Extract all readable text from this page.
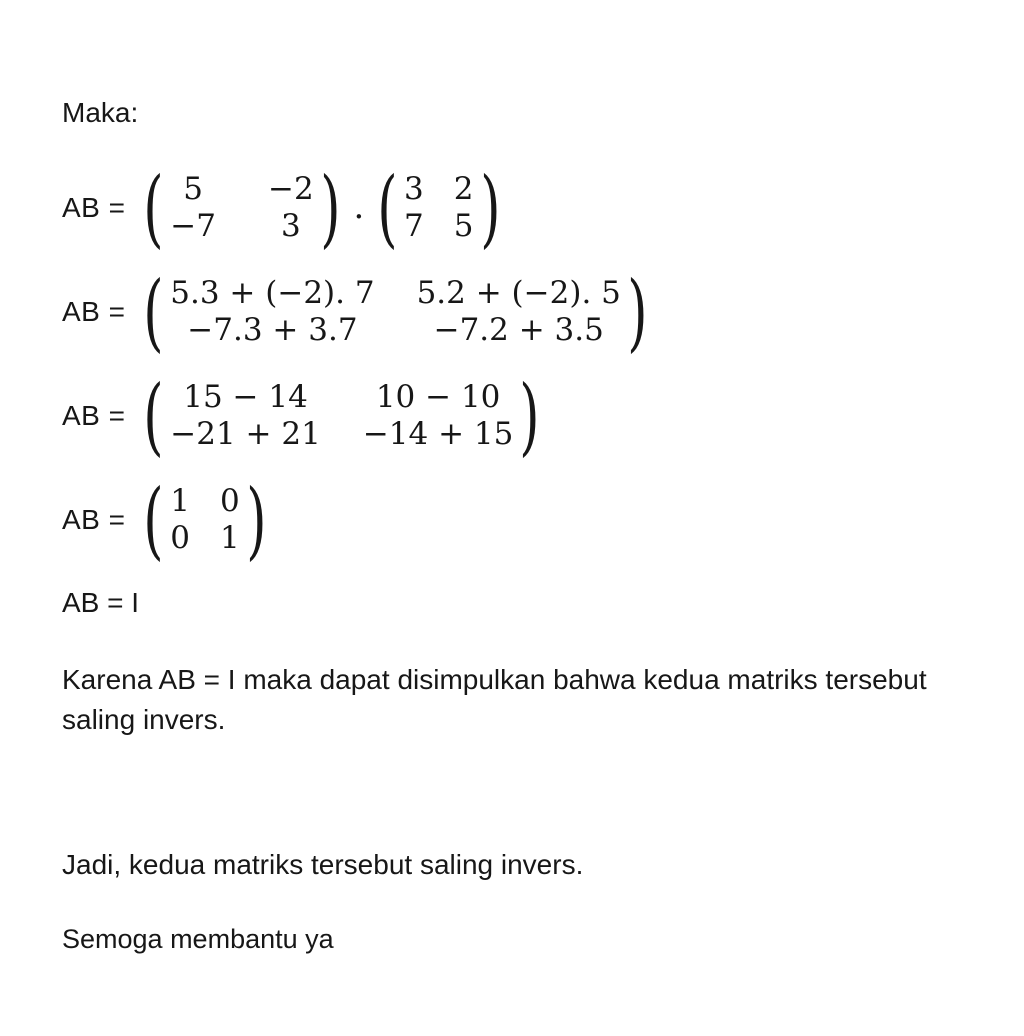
Maka:
AB = ( 5 −2
−7 3 ) · ( 3 2
7 5 )
AB = ( 5.3 + (−2). 7 5.2 + (−2). 5
−7.3 + 3.7 −7.2 + 3.5 )
AB = ( 15 − 14 10 − 10
−21 + 21 −14 + 15 )
AB = ( 1 0
0 1 )
AB = I
Karena AB = I maka dapat disimpulkan bahwa kedua matriks tersebut saling invers.
Jadi, kedua matriks tersebut saling invers.
Semoga membantu ya
